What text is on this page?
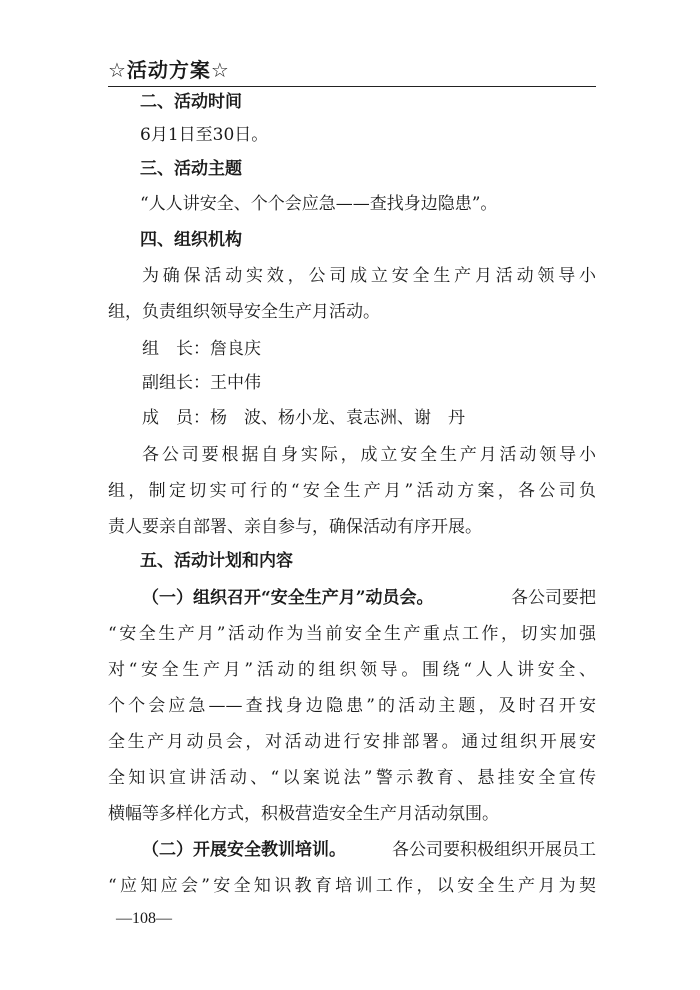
☆活动方案☆
二、活动时间
6月1日至30日。
三、活动主题
“人人讲安全、个个会应急——查找身边隐患”。
四、组织机构
为确保活动实效，公司成立安全生产月活动领导小
组，负责组织领导安全生产月活动。
组　长：詹良庆
副组长：王中伟
成　员：杨　波、杨小龙、袁志洲、谢　丹
各公司要根据自身实际，成立安全生产月活动领导小
组，制定切实可行的“安全生产月”活动方案，各公司负
责人要亲自部署、亲自参与，确保活动有序开展。
五、活动计划和内容
（一）组织召开“安全生产月”动员会。	各公司要把
“安全生产月”活动作为当前安全生产重点工作，切实加强
对“安全生产月”活动的组织领导。围绕“人人讲安全、
个个会应急——查找身边隐患”的活动主题，及时召开安
全生产月动员会，对活动进行安排部署。通过组织开展安
全知识宣讲活动、“以案说法”警示教育、悬挂安全宣传
横幅等多样化方式，积极营造安全生产月活动氛围。
（二）开展安全教训培训。	各公司要积极组织开展员工
“应知应会”安全知识教育培训工作，以安全生产月为契
—108—
